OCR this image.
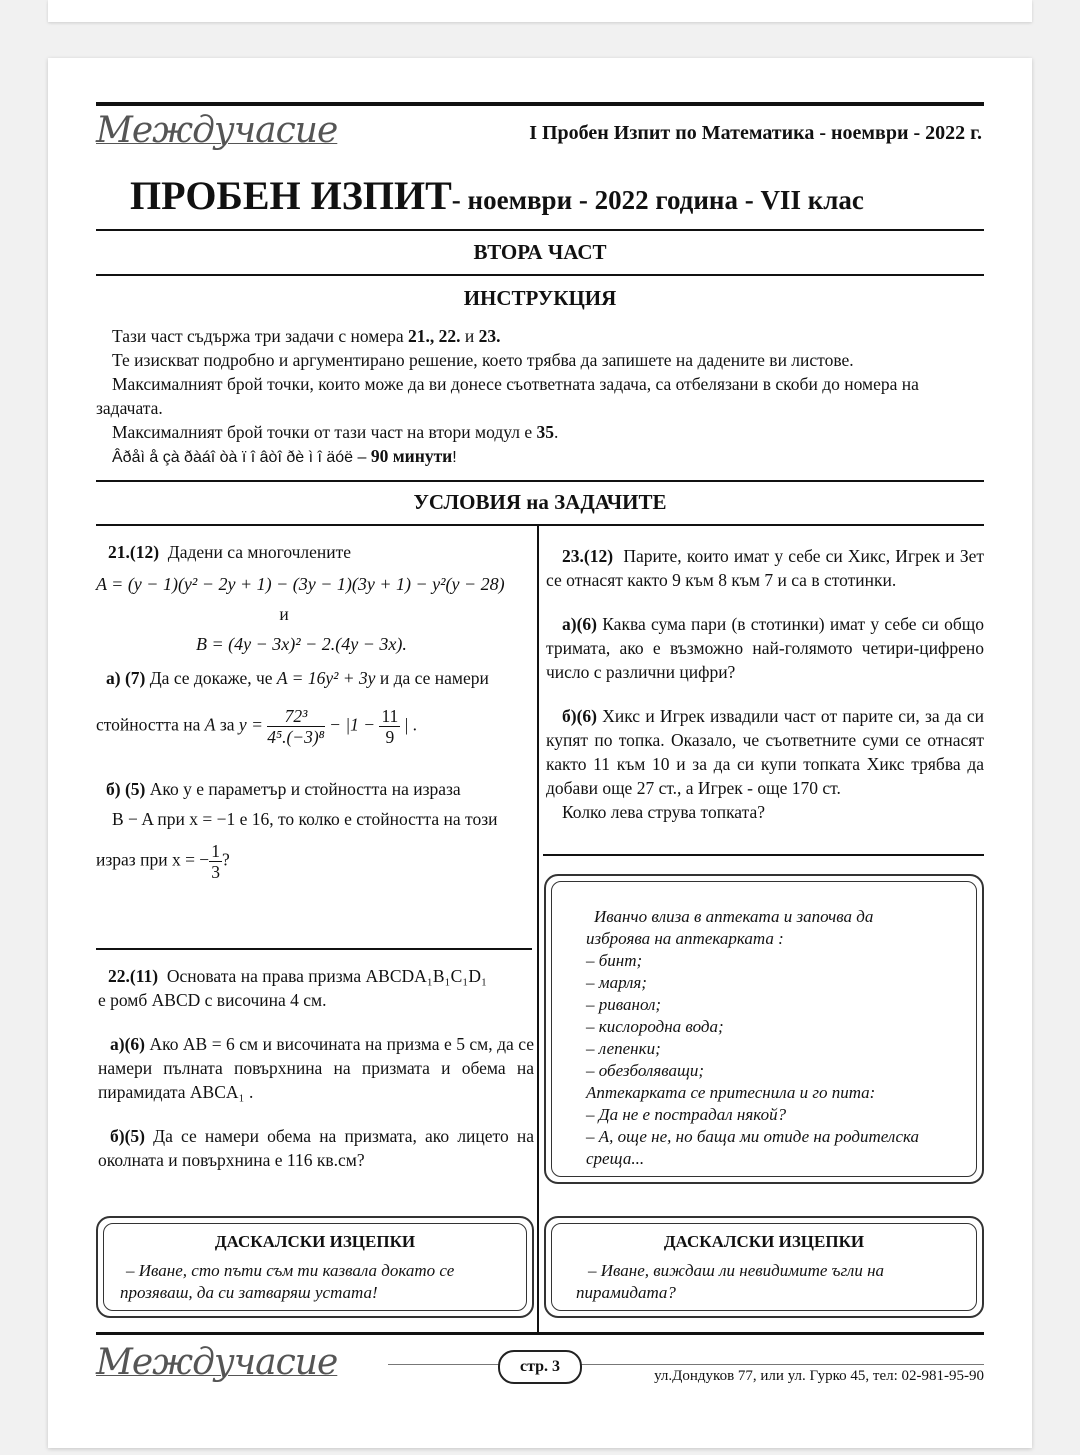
Междучасие	I Пробен Изпит по Математика - ноември - 2022 г.
ПРОБЕН ИЗПИТ- ноември - 2022 година - VII клас
ВТОРА ЧАСТ
ИНСТРУКЦИЯ

Тази част съдържа три задачи с номера 21., 22. и 23.

Те изискват подробно и аргументирано решение, което трябва да запишете на дадените ви листове.

Максималният брой точки, които може да ви донесе съответната задача, са отбелязани в скоби до номера на задачата.

Максималният брой точки от тази част на втори модул е 35.

Âðåì å çà ðàáî òà ï î âòî ðè ì î äóë – 90 минути!

УСЛОВИЯ на ЗАДАЧИТЕ
21.(12) Дадени са многочлените
A = (y − 1)(y² − 2y + 1) − (3y − 1)(3y + 1) − y²(y − 28)
и
B = (4y − 3x)² − 2.(4y − 3x).
а) (7) Да се докаже, че A = 16y² + 3y и да се намери
стойността на A за $y = \frac{\text{72³}}{\text{4⁵.(−3)⁸}} - |1 - \frac{11}{9}$ | .
б) (5) Ако y е параметър и стойността на израза
B − A при x = −1 е 16, то колко е стойността на този
израз при x = − $\frac{1}{3}$ ?
22.(11) Основата на права призма ABCDA₁B₁C₁D₁
е ромб ABCD с височина 4 см.
а)(6) Ако AB = 6 см и височината на призма е 5 см, да се намери пълната повърхнина на призмата и обема на пирамидата ABCA₁ .
б)(5) Да се намери обема на призмата, ако лицето на околната и повърхнина е 116 кв.см?
23.(12) Парите, които имат у себе си Хикс, Игрек и Зет се отнасят както 9 към 8 към 7 и са в стотинки.
а)(6) Каква сума пари (в стотинки) имат у себе си общо тримата, ако е възможно най-голямото четири-цифрено число с различни цифри?
б)(6) Хикс и Игрек извадили част от парите си, за да си купят по топка. Оказало, че съответните суми се отнасят както 11 към 10 и за да си купи топката Хикс трябва да добави още 27 ст., а Игрек - още 170 ст.
Колко лева струва топката?
Иванчо влиза в аптеката и започва да
изброява на аптекарката :
– бинт;
– марля;
– риванол;
– кислородна вода;
– лепенки;
– обезболяващи;
Аптекарката се притеснила и го пита:
– Да не е пострадал някой?
– А, още не, но баща ми отиде на родителска
среща...
ДАСКАЛСКИ ИЗЦЕПКИ
– Иване, сто пъти съм ти казвала докато се
прозяваш, да си затваряш устата!
ДАСКАЛСКИ ИЗЦЕПКИ
– Иване, виждаш ли невидимите ъгли на
пирамидата?
Междучасие	стр. 3
ул.Дондуков 77, или ул. Гурко 45, тел: 02-981-95-90
